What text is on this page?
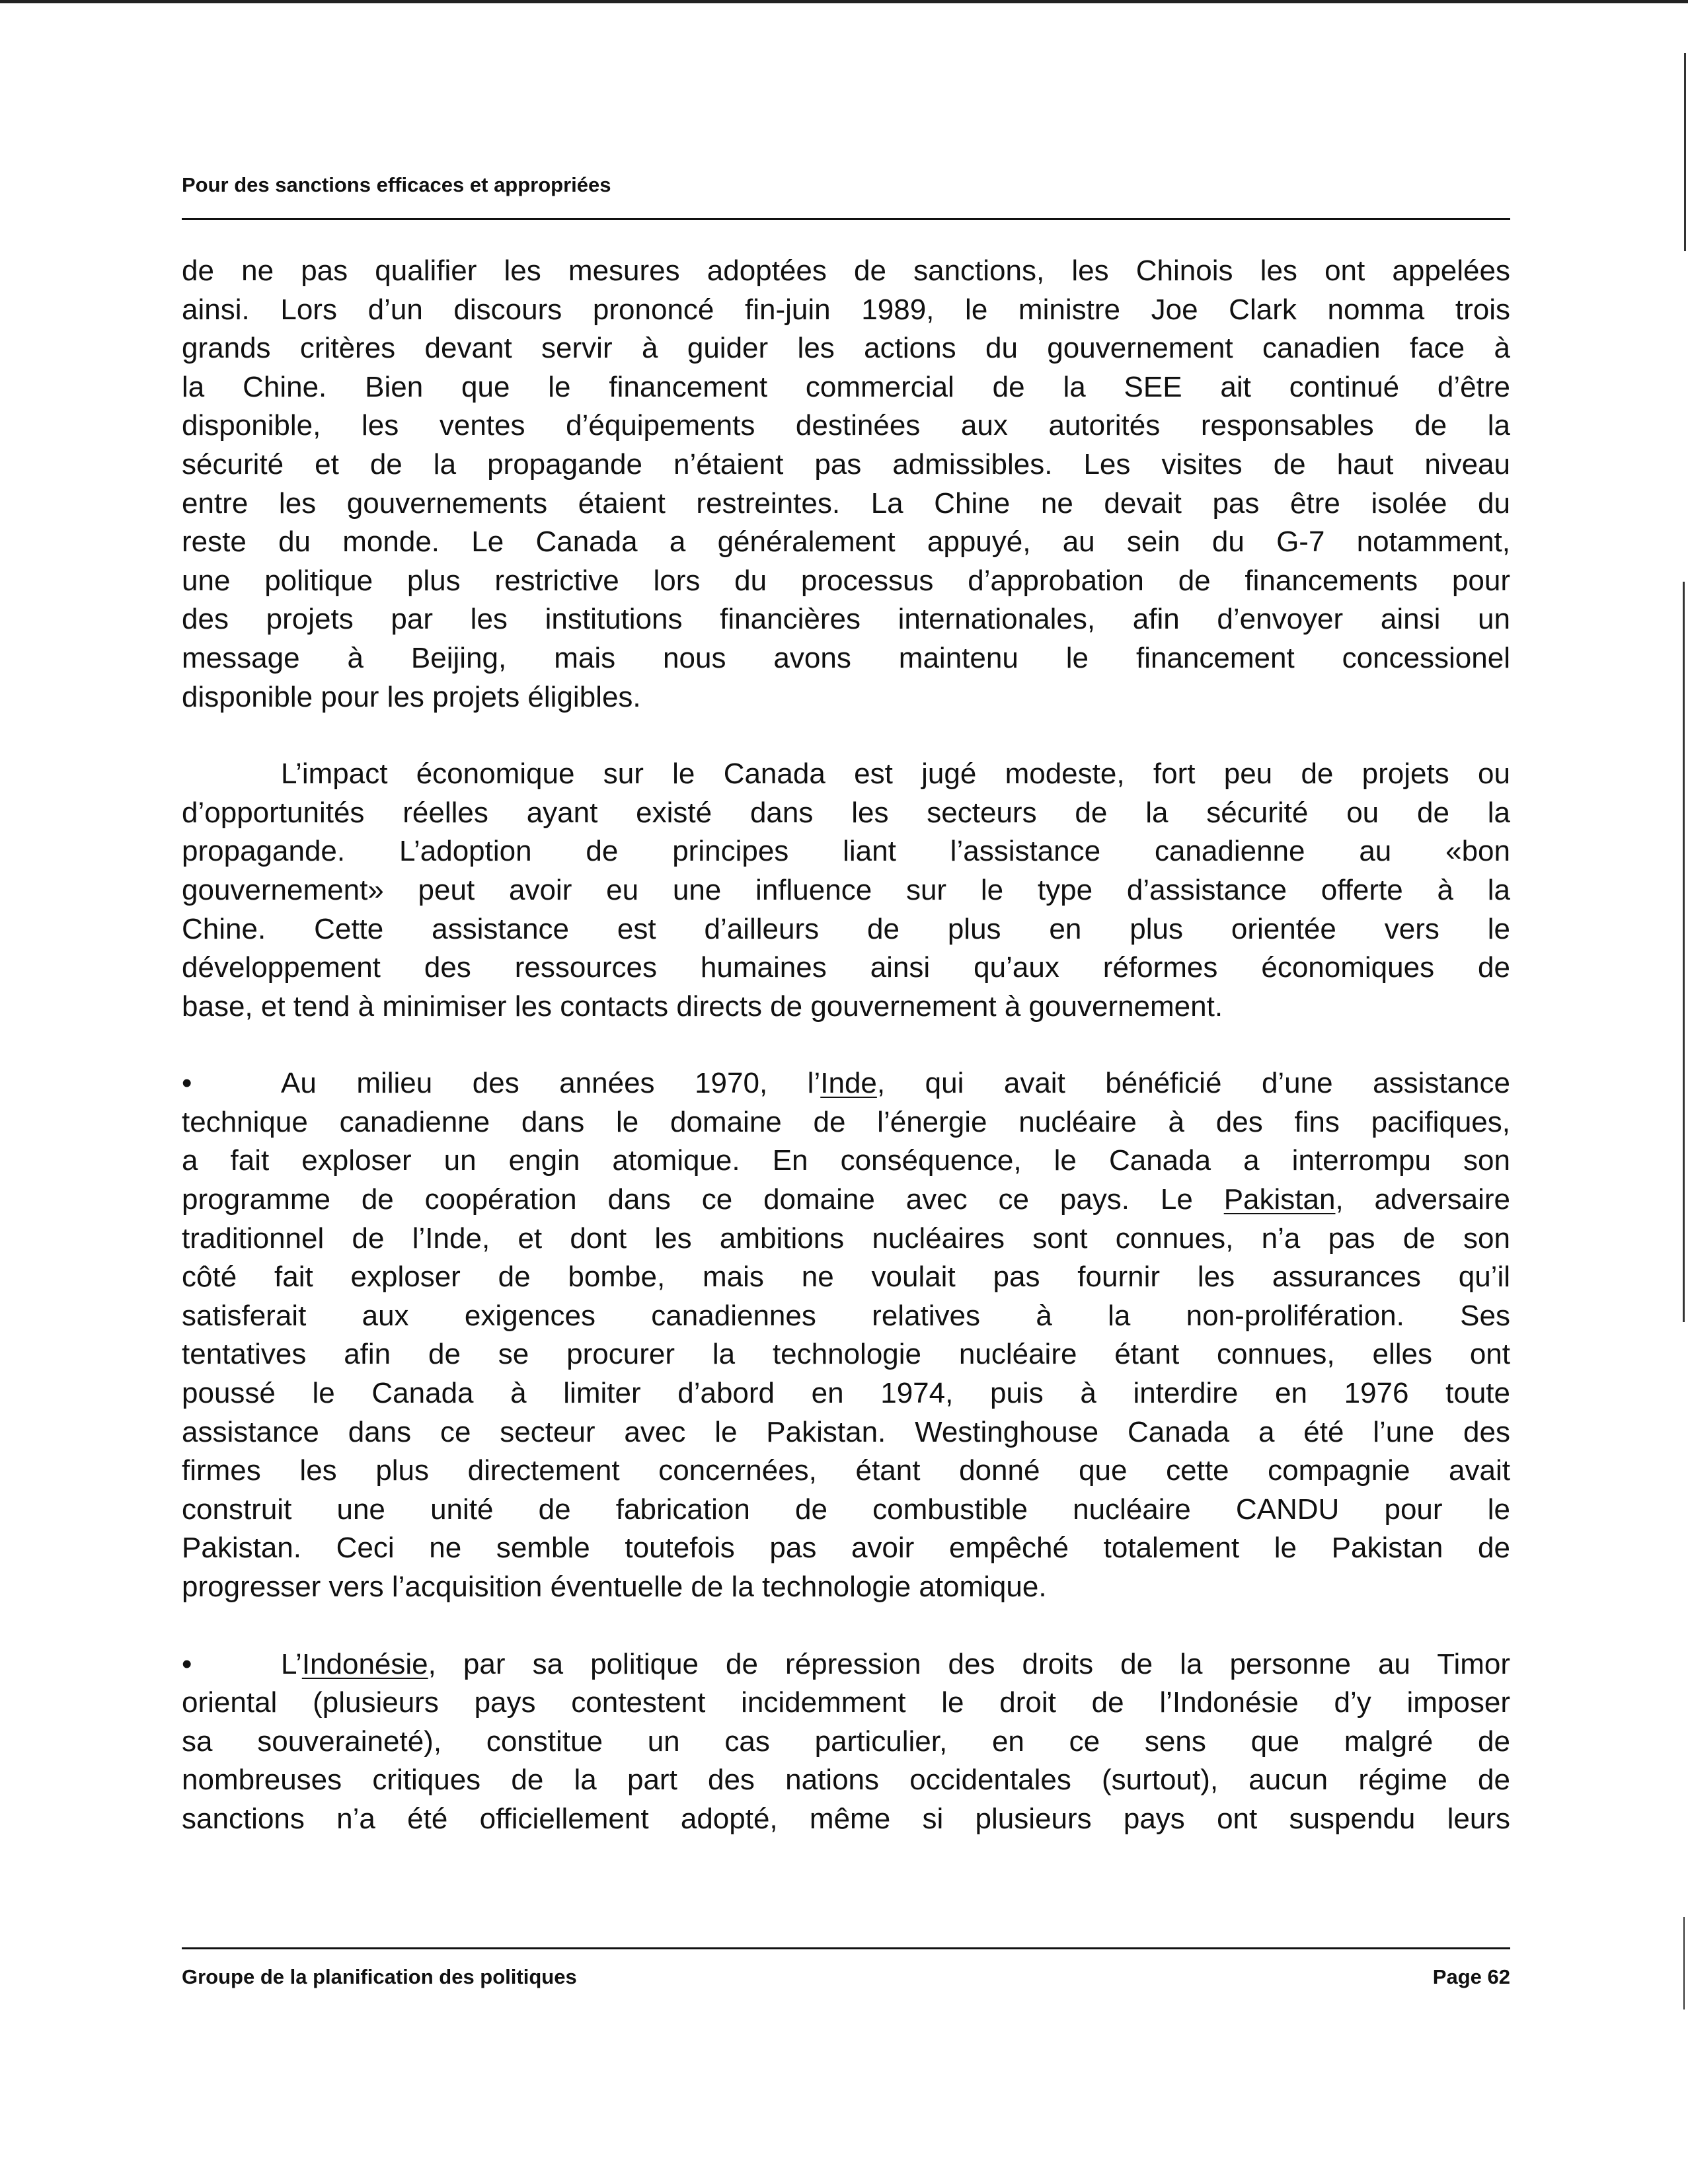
Pour des sanctions efficaces et appropriées
de ne pas qualifier les mesures adoptées de sanctions, les Chinois les ont appelées
ainsi. Lors d’un discours prononcé fin-juin 1989, le ministre Joe Clark nomma trois
grands critères devant servir à guider les actions du gouvernement canadien face à
la Chine. Bien que le financement commercial de la SEE ait continué d’être
disponible, les ventes d’équipements destinées aux autorités responsables de la
sécurité et de la propagande n’étaient pas admissibles. Les visites de haut niveau
entre les gouvernements étaient restreintes. La Chine ne devait pas être isolée du
reste du monde. Le Canada a généralement appuyé, au sein du G-7 notamment,
une politique plus restrictive lors du processus d’approbation de financements pour
des projets par les institutions financières internationales, afin d’envoyer ainsi un
message à Beijing, mais nous avons maintenu le financement concessionel
disponible pour les projets éligibles.
L’impact économique sur le Canada est jugé modeste, fort peu de projets ou
d’opportunités réelles ayant existé dans les secteurs de la sécurité ou de la
propagande. L’adoption de principes liant l’assistance canadienne au «bon
gouvernement» peut avoir eu une influence sur le type d’assistance offerte à la
Chine. Cette assistance est d’ailleurs de plus en plus orientée vers le
développement des ressources humaines ainsi qu’aux réformes économiques de
base, et tend à minimiser les contacts directs de gouvernement à gouvernement.
•	Au milieu des années 1970, l’Inde, qui avait bénéficié d’une assistance
technique canadienne dans le domaine de l’énergie nucléaire à des fins pacifiques,
a fait exploser un engin atomique. En conséquence, le Canada a interrompu son
programme de coopération dans ce domaine avec ce pays. Le Pakistan, adversaire
traditionnel de l’Inde, et dont les ambitions nucléaires sont connues, n’a pas de son
côté fait exploser de bombe, mais ne voulait pas fournir les assurances qu’il
satisferait aux exigences canadiennes relatives à la non-prolifération. Ses
tentatives afin de se procurer la technologie nucléaire étant connues, elles ont
poussé le Canada à limiter d’abord en 1974, puis à interdire en 1976 toute
assistance dans ce secteur avec le Pakistan. Westinghouse Canada a été l’une des
firmes les plus directement concernées, étant donné que cette compagnie avait
construit une unité de fabrication de combustible nucléaire CANDU pour le
Pakistan. Ceci ne semble toutefois pas avoir empêché totalement le Pakistan de
progresser vers l’acquisition éventuelle de la technologie atomique.
•	L’Indonésie, par sa politique de répression des droits de la personne au Timor
oriental (plusieurs pays contestent incidemment le droit de l’Indonésie d’y imposer
sa souveraineté), constitue un cas particulier, en ce sens que malgré de
nombreuses critiques de la part des nations occidentales (surtout), aucun régime de
sanctions n’a été officiellement adopté, même si plusieurs pays ont suspendu leurs
Groupe de la planification des politiques	Page 62
